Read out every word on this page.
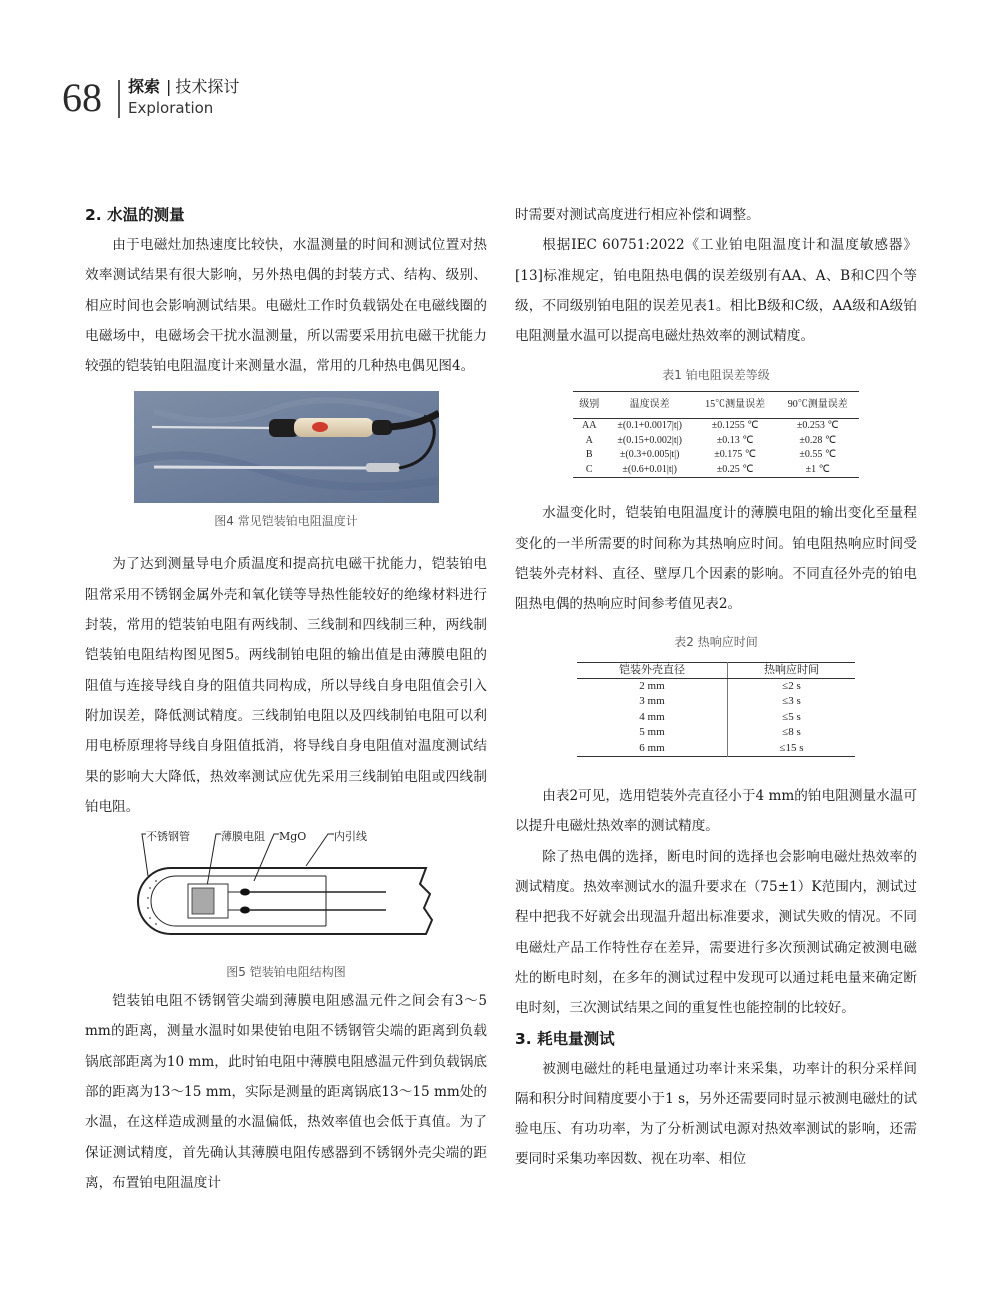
68 探索 | 技术探讨
Exploration
2. 水温的测量

由于电磁灶加热速度比较快，水温测量的时间和测试位置对热效率测试结果有很大影响，另外热电偶的封装方式、结构、级别、相应时间也会影响测试结果。电磁灶工作时负载锅处在电磁线圈的电磁场中，电磁场会干扰水温测量，所以需要采用抗电磁干扰能力较强的铠装铂电阻温度计来测量水温，常用的几种热电偶见图4。

图4 常见铠装铂电阻温度计

为了达到测量导电介质温度和提高抗电磁干扰能力，铠装铂电阻常采用不锈钢金属外壳和氧化镁等导热性能较好的绝缘材料进行封装，常用的铠装铂电阻有两线制、三线制和四线制三种，两线制铠装铂电阻结构图见图5。两线制铂电阻的输出值是由薄膜电阻的阻值与连接导线自身的阻值共同构成，所以导线自身电阻值会引入附加误差，降低测试精度。三线制铂电阻以及四线制铂电阻可以利用电桥原理将导线自身阻值抵消，将导线自身电阻值对温度测试结果的影响大大降低，热效率测试应优先采用三线制铂电阻或四线制铂电阻。

不锈钢管	薄膜电阻 MgO	内引线
图5 铠装铂电阻结构图

铠装铂电阻不锈钢管尖端到薄膜电阻感温元件之间会有3～5 mm的距离，测量水温时如果使铂电阻不锈钢管尖端的距离到负载锅底部距离为10 mm，此时铂电阻中薄膜电阻感温元件到负载锅底部的距离为13～15 mm，实际是测量的距离锅底13～15 mm处的水温，在这样造成测量的水温偏低，热效率值也会低于真值。为了保证测试精度，首先确认其薄膜电阻传感器到不锈钢外壳尖端的距离，布置铂电阻温度计

时需要对测试高度进行相应补偿和调整。

根据IEC 60751:2022《工业铂电阻温度计和温度敏感器》[13]标准规定，铂电阻热电偶的误差级别有AA、A、B和C四个等级，不同级别铂电阻的误差见表1。相比B级和C级，AA级和A级铂电阻测量水温可以提高电磁灶热效率的测试精度。

表1 铂电阻误差等级
级别	温度误差	15℃测量误差	90℃测量误差
AA	±(0.1+0.0017|t|)	±0.1255 ℃	±0.253 ℃
A	±(0.15+0.002|t|)	±0.13 ℃	±0.28 ℃
B	±(0.3+0.005|t|)	±0.175 ℃	±0.55 ℃
C	±(0.6+0.01|t|)	±0.25 ℃	±1 ℃

水温变化时，铠装铂电阻温度计的薄膜电阻的输出变化至量程变化的一半所需要的时间称为其热响应时间。铂电阻热响应时间受铠装外壳材料、直径、壁厚几个因素的影响。不同直径外壳的铂电阻热电偶的热响应时间参考值见表2。

表2 热响应时间
铠装外壳直径	热响应时间
2 mm	≤2 s
3 mm	≤3 s
4 mm	≤5 s
5 mm	≤8 s
6 mm	≤15 s

由表2可见，选用铠装外壳直径小于4 mm的铂电阻测量水温可以提升电磁灶热效率的测试精度。

除了热电偶的选择，断电时间的选择也会影响电磁灶热效率的测试精度。热效率测试水的温升要求在（75±1）K范围内，测试过程中把我不好就会出现温升超出标准要求，测试失败的情况。不同电磁灶产品工作特性存在差异，需要进行多次预测试确定被测电磁灶的断电时刻，在多年的测试过程中发现可以通过耗电量来确定断电时刻，三次测试结果之间的重复性也能控制的比较好。

3. 耗电量测试

被测电磁灶的耗电量通过功率计来采集，功率计的积分采样间隔和积分时间精度要小于1 s，另外还需要同时显示被测电磁灶的试验电压、有功功率，为了分析测试电源对热效率测试的影响，还需要同时采集功率因数、视在功率、相位
